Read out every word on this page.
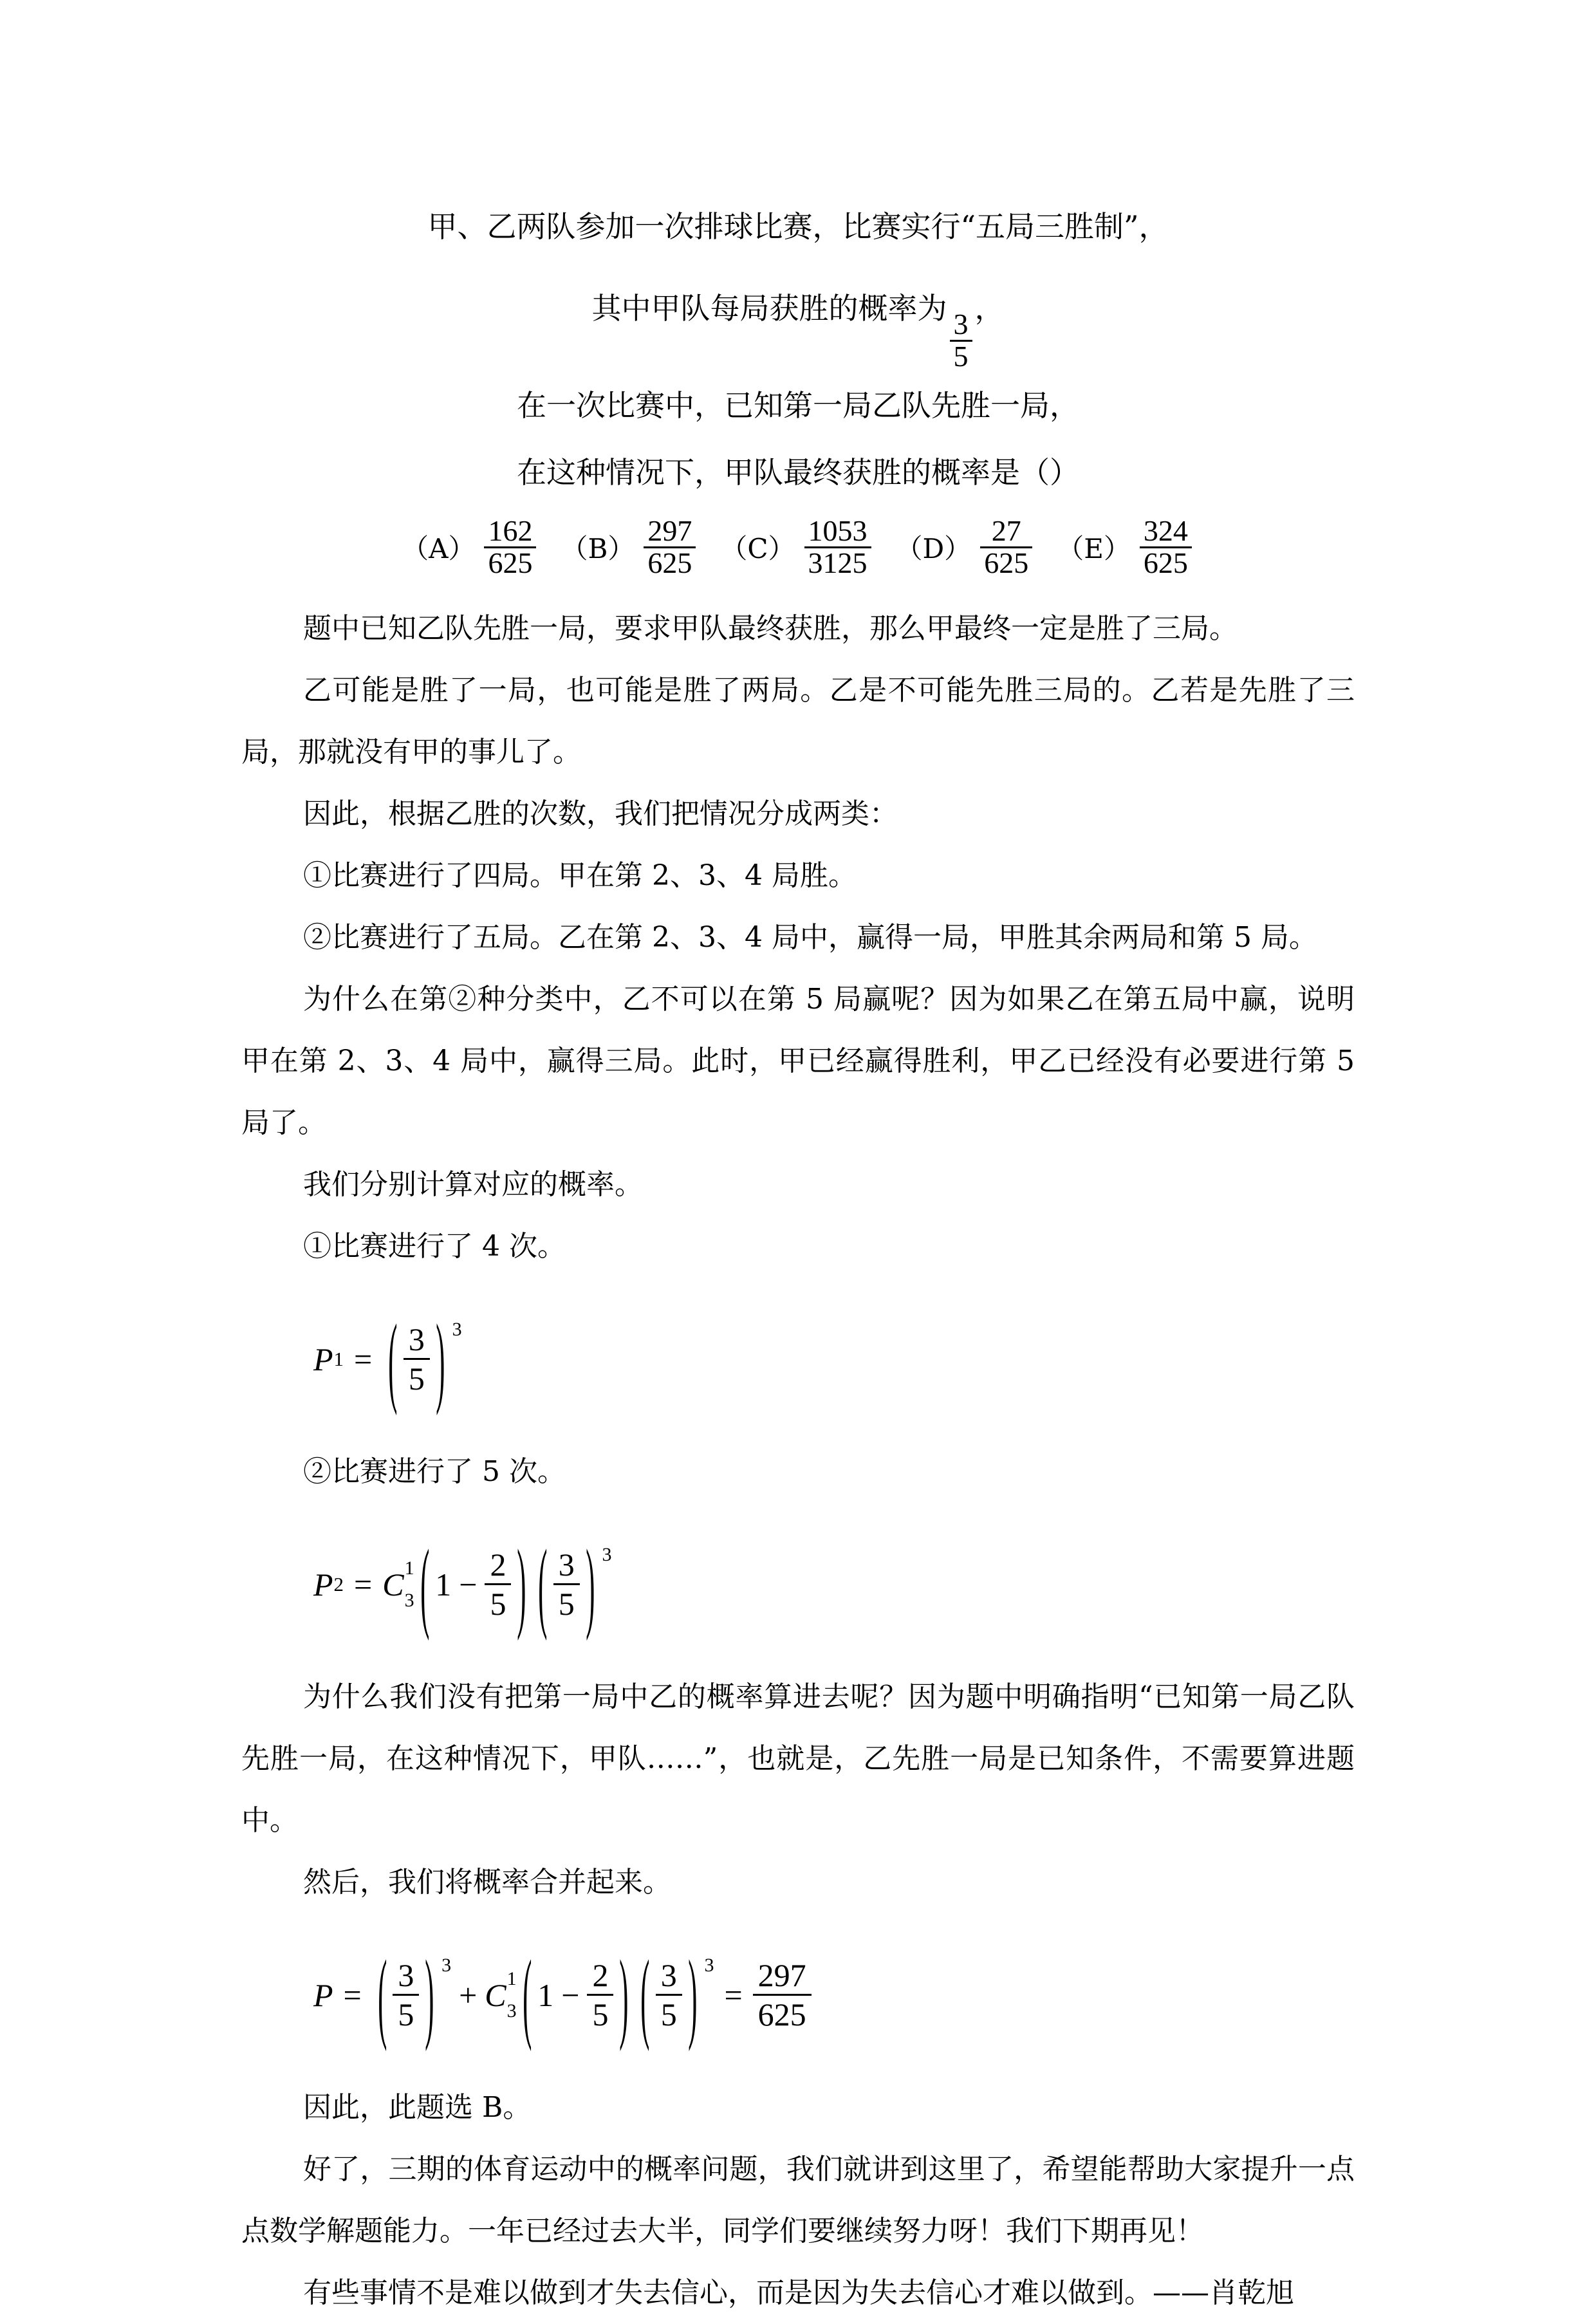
甲、乙两队参加一次排球比赛，比赛实行“五局三胜制”，
其中甲队每局获胜的概率为
$\frac{3}{5}$
，
在一次比赛中，已知第一局乙队先胜一局，
在这种情况下，甲队最终获胜的概率是（）
$(A) \frac{162}{625} (B) \frac{297}{625} (C) \frac{1053}{3125} (D) \frac{27}{625} (E) \frac{324}{625}$

题中已知乙队先胜一局，要求甲队最终获胜，那么甲最终一定是胜了三局。

乙可能是胜了一局，也可能是胜了两局。乙是不可能先胜三局的。乙若是先胜了三局，那就没有甲的事儿了。

因此，根据乙胜的次数，我们把情况分成两类：

①比赛进行了四局。甲在第 2、3、4 局胜。

②比赛进行了五局。乙在第 2、3、4 局中，赢得一局，甲胜其余两局和第 5 局。

为什么在第②种分类中，乙不可以在第 5 局赢呢？因为如果乙在第五局中赢，说明甲在第 2、3、4 局中，赢得三局。此时，甲已经赢得胜利，甲乙已经没有必要进行第 5 局了。

我们分别计算对应的概率。

①比赛进行了 4 次。

P 1 = ( $\frac{3}{5}$ ) 3

②比赛进行了 5 次。

P 2 = C 1
3 ( $1 - \frac{2}{5}$ ) ( $\frac{3}{5}$ ) 3

为什么我们没有把第一局中乙的概率算进去呢？因为题中明确指明“已知第一局乙队先胜一局，在这种情况下，甲队……”，也就是，乙先胜一局是已知条件，不需要算进题中。

然后，我们将概率合并起来。

P = ( $\frac{3}{5}$ ) 3
+ C 1
3 ( $1 - \frac{2}{5}$ ) ( $\frac{3}{5}$ ) 3
= $\frac{297}{625}$

因此，此题选 B。

好了，三期的体育运动中的概率问题，我们就讲到这里了，希望能帮助大家提升一点点数学解题能力。一年已经过去大半，同学们要继续努力呀！我们下期再见！

有些事情不是难以做到才失去信心，而是因为失去信心才难以做到。——肖乾旭
